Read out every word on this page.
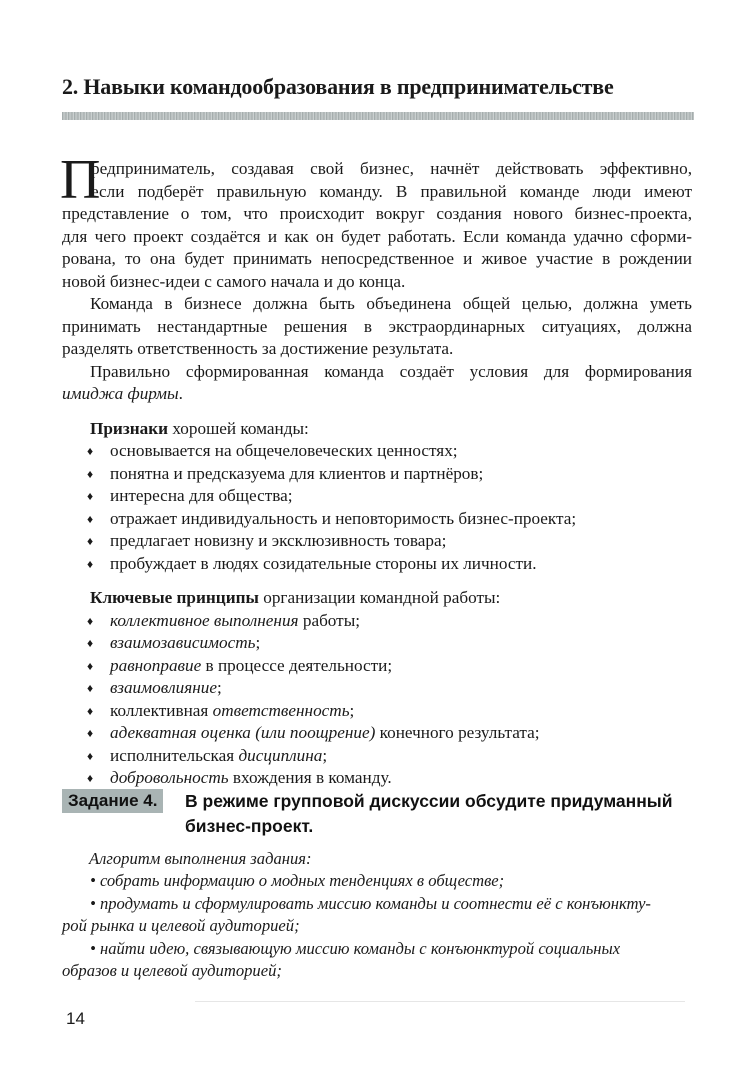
2. Навыки командообразования в предпринимательстве
П
редприниматель, создавая свой бизнес, начнёт действовать эффективно,
если подберёт правильную команду. В правильной команде люди имеют
представление о том, что происходит вокруг создания нового бизнес-проекта,
для чего проект создаётся и как он будет работать. Если команда удачно сформи-
рована, то она будет принимать непосредственное и живое участие в рождении
новой бизнес-идеи с самого начала и до конца.
Команда в бизнесе должна быть объединена общей целью, должна уметь
принимать нестандартные решения в экстраординарных ситуациях, должна
разделять ответственность за достижение результата.
Правильно сформированная команда создаёт условия для формирования
имиджа фирмы.
Признаки хорошей команды:
♦ основывается на общечеловеческих ценностях;
♦ понятна и предсказуема для клиентов и партнёров;
♦ интересна для общества;
♦ отражает индивидуальность и неповторимость бизнес-проекта;
♦ предлагает новизну и эксклюзивность товара;
♦ пробуждает в людях созидательные стороны их личности.
Ключевые принципы организации командной работы:
♦ коллективное выполнения работы;
♦ взаимозависимость;
♦ равноправие в процессе деятельности;
♦ взаимовлияние;
♦ коллективная ответственность;
♦ адекватная оценка (или поощрение) конечного результата;
♦ исполнительская дисциплина;
♦ добровольность вхождения в команду.
Задание 4.	В режиме групповой дискуссии обсудите придуманный
бизнес-проект.
Алгоритм выполнения задания:
• собрать информацию о модных тенденциях в обществе;
• продумать и сформулировать миссию команды и соотнести её с конъюнкту-
рой рынка и целевой аудиторией;
• найти идею, связывающую миссию команды с конъюнктурой социальных
образов и целевой аудиторией;
14
